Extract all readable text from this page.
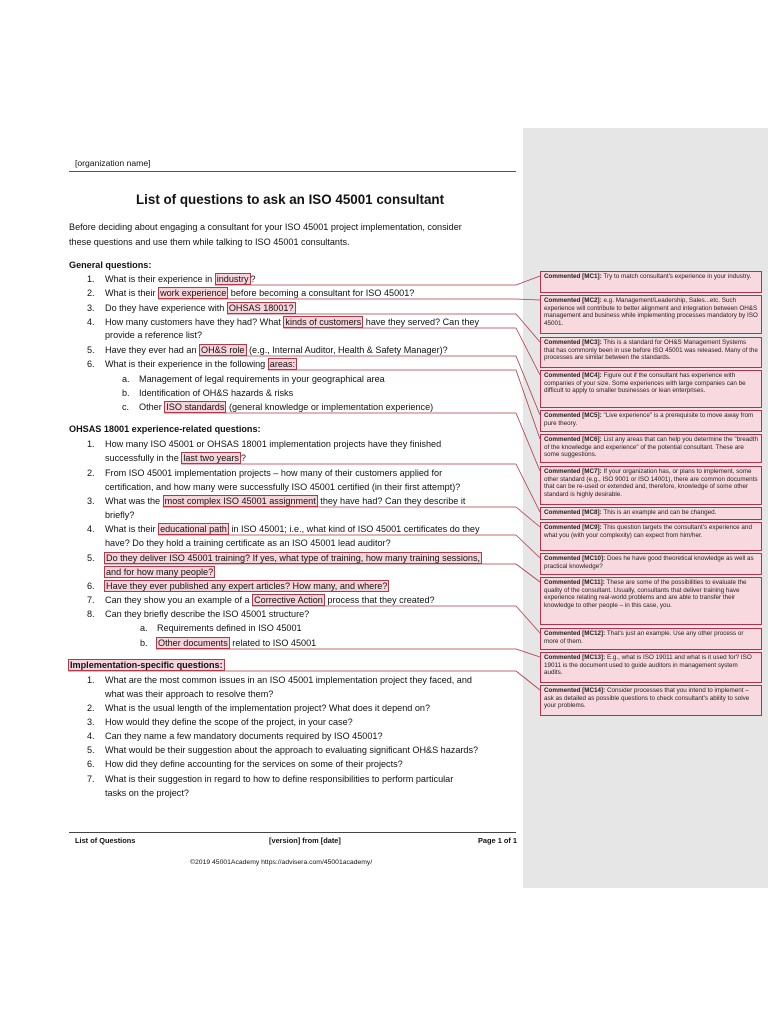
[organization name]
List of questions to ask an ISO 45001 consultant
Before deciding about engaging a consultant for your ISO 45001 project implementation, consider
these questions and use them while talking to ISO 45001 consultants.
General questions:
1. What is their experience in industry ?
2. What is their work experience before becoming a consultant for ISO 45001?
3. Do they have experience with OHSAS 18001?
4. How many customers have they had? What kinds of customers have they served? Can they
provide a reference list?
5. Have they ever had an OH&S role (e.g., Internal Auditor, Health & Safety Manager)?
6. What is their experience in the following areas:
a. Management of legal requirements in your geographical area
b. Identification of OH&S hazards & risks
c. Other ISO standards (general knowledge or implementation experience)
OHSAS 18001 experience-related questions:
1. How many ISO 45001 or OHSAS 18001 implementation projects have they finished
successfully in the last two years ?
2. From ISO 45001 implementation projects – how many of their customers applied for
certification, and how many were successfully ISO 45001 certified (in their first attempt)?
3. What was the most complex ISO 45001 assignment they have had? Can they describe it
briefly?
4. What is their educational path in ISO 45001; i.e., what kind of ISO 45001 certificates do they
have? Do they hold a training certificate as an ISO 45001 lead auditor?
5. Do they deliver ISO 45001 training? If yes, what type of training, how many training sessions,
and for how many people?
6. Have they ever published any expert articles? How many, and where?
7. Can they show you an example of a Corrective Action process that they created?
8. Can they briefly describe the ISO 45001 structure?
a. Requirements defined in ISO 45001
b. Other documents related to ISO 45001
Implementation-specific questions:
1. What are the most common issues in an ISO 45001 implementation project they faced, and
what was their approach to resolve them?
2. What is the usual length of the implementation project? What does it depend on?
3. How would they define the scope of the project, in your case?
4. Can they name a few mandatory documents required by ISO 45001?
5. What would be their suggestion about the approach to evaluating significant OH&S hazards?
6. How did they define accounting for the services on some of their projects?
7. What is their suggestion in regard to how to define responsibilities to perform particular
tasks on the project?
List of Questions	[version] from [date]	Page 1 of 1
©2019 45001Academy https://advisera.com/45001academy/
Commented [MC1]: Try to match consultant's experience in your industry.
Commented [MC2]: e.g. Management/Leadership, Sales...etc. Such experience will contribute to better alignment and integration between OH&S management and business while implementing processes mandatory by ISO 45001.
Commented [MC3]: This is a standard for OH&S Management Systems that has commonly been in use before ISO 45001 was released. Many of the processes are similar between the standards.
Commented [MC4]: Figure out if the consultant has experience with companies of your size. Some experiences with large companies can be difficult to apply to smaller businesses or lean enterprises.
Commented [MC5]: "Live experience" is a prerequisite to move away from pure theory.
Commented [MC6]: List any areas that can help you determine the "breadth of the knowledge and experience" of the potential consultant. These are some suggestions.
Commented [MC7]: If your organization has, or plans to implement, some other standard (e.g., ISO 9001 or ISO 14001), there are common documents that can be re-used or extended and, therefore, knowledge of some other standard is highly desirable.
Commented [MC8]: This is an example and can be changed.
Commented [MC9]: This question targets the consultant's experience and what you (with your complexity) can expect from him/her.
Commented [MC10]: Does he have good theoretical knowledge as well as practical knowledge?
Commented [MC11]: These are some of the possibilities to evaluate the quality of the consultant. Usually, consultants that deliver training have experience relating real-world problems and are able to transfer their knowledge to other people – in this case, you.
Commented [MC12]: That's just an example. Use any other process or more of them.
Commented [MC13]: E.g., what is ISO 19011 and what is it used for? ISO 19011 is the document used to guide auditors in management system audits.
Commented [MC14]: Consider processes that you intend to implement – ask as detailed as possible questions to check consultant's ability to solve your problems.
